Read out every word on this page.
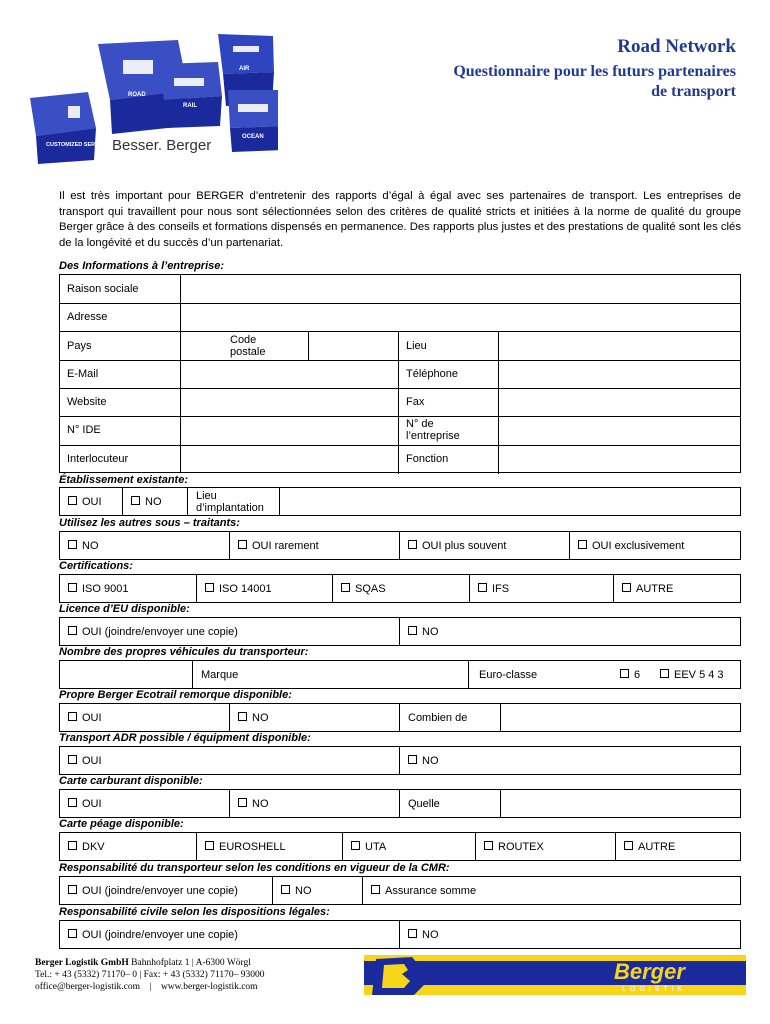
ROAD
AIR
RAIL
OCEAN
CUSTOMIZED SERVICES Besser. Berger
Road Network
Questionnaire pour les futurs partenaires de transport
Il est très important pour BERGER d’entretenir des rapports d’égal à égal avec ses partenaires de transport. Les entreprises de transport qui travaillent pour nous sont sélectionnées selon des critères de qualité stricts et initiées à la norme de qualité du groupe Berger grâce à des conseils et formations dispensés en permanence. Des rapports plus justes et des prestations de qualité sont les clés de la longévité et du succès d’un partenariat.
Des Informations à l’entreprise:
Raison sociale
Adresse
Pays	Code postale	Lieu
E-Mail	Téléphone
Website	Fax
N° IDE	N° de l’entreprise
Interlocuteur	Fonction
Établissement existante:
OUI	NO	Lieu d’implantation
Utilisez les autres sous – traitants:
NO	OUI rarement	OUI plus souvent	OUI exclusivement
Certifications:
ISO 9001	ISO 14001	SQAS	IFS	AUTRE
Licence d’EU disponible:
OUI (joindre/envoyer une copie)	NO
Nombre des propres véhicules du transporteur:
Marque	Euro-classe	6	EEV 5 4 3
Propre Berger Ecotrail remorque disponible:
OUI	NO	Combien de
Transport ADR possible / équipment disponible:
OUI	NO
Carte carburant disponible:
OUI	NO	Quelle
Carte péage disponible:
DKV	EUROSHELL	UTA	ROUTEX	AUTRE
Responsabilité du transporteur selon les conditions en vigueur de la CMR:
OUI (joindre/envoyer une copie)	NO	Assurance somme
Responsabilité civile selon les dispositions légales:
OUI (joindre/envoyer une copie)	NO
Berger Logistik GmbH Bahnhofplatz 1 | A-6300 Wörgl
Tel.: + 43 (5332) 71170– 0 | Fax: + 43 (5332) 71170– 93000
office@berger-logistik.com | www.berger-logistik.com
Berger
LOGISTIK
